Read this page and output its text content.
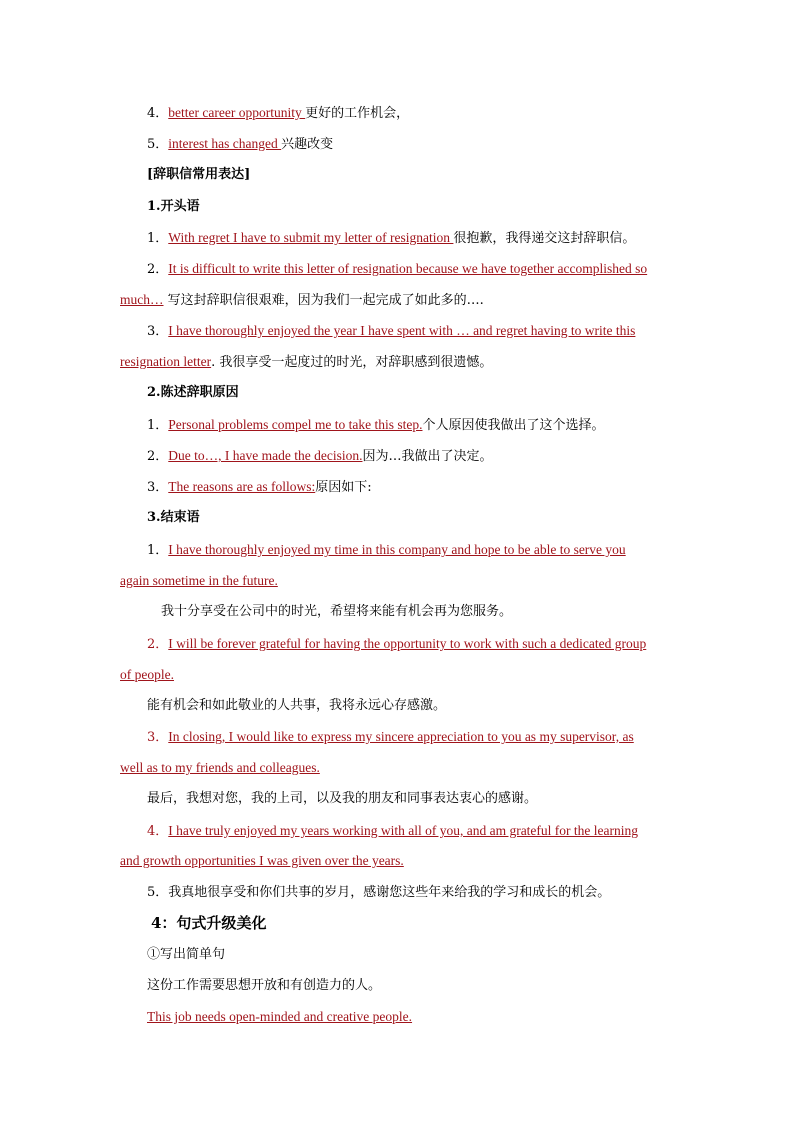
4．better career opportunity 更好的工作机会，
5．interest has changed 兴趣改变
[辞职信常用表达]
1.开头语
1．With regret I have to submit my letter of resignation 很抱歉，我得递交这封辞职信。
2．It is difficult to write this letter of resignation because we have together accomplished so
much… 写这封辞职信很艰难，因为我们一起完成了如此多的….
3．I have thoroughly enjoyed the year I have spent with … and regret having to write this
resignation letter. 我很享受一起度过的时光，对辞职感到很遗憾。
2.陈述辞职原因
1．Personal problems compel me to take this step.个人原因使我做出了这个选择。
2．Due to…, I have made the decision.因为…我做出了决定。
3．The reasons are as follows:原因如下:
3.结束语
1．I have thoroughly enjoyed my time in this company and hope to be able to serve you
again sometime in the future.
我十分享受在公司中的时光，希望将来能有机会再为您服务。
2．I will be forever grateful for having the opportunity to work with such a dedicated group
of people.
能有机会和如此敬业的人共事，我将永远心存感激。
3．In closing, I would like to express my sincere appreciation to you as my supervisor, as
well as to my friends and colleagues.
最后，我想对您，我的上司，以及我的朋友和同事表达衷心的感谢。
4．I have truly enjoyed my years working with all of you, and am grateful for the learning
and growth opportunities I was given over the years.
5．我真地很享受和你们共事的岁月，感谢您这些年来给我的学习和成长的机会。
4：句式升级美化
①写出简单句
这份工作需要思想开放和有创造力的人。
This job needs open-minded and creative people.
